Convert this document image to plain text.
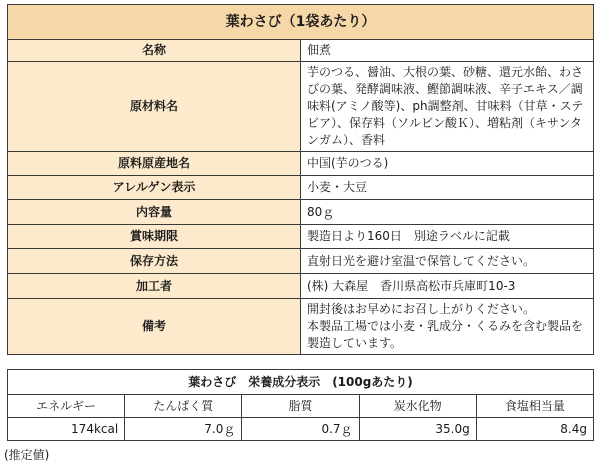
葉わさび（1袋あたり）	
名称	佃煮
原材料名	芋のつる、醤油、大根の葉、砂糖、還元水飴、わさびの葉、発酵調味液、鰹節調味液、辛子エキス／調味料(アミノ酸等)、ph調整剤、甘味料（甘草・ステビア）、保存料（ソルビン酸Ｋ）、増粘剤（キサンタンガム）、香料
原料原産地名	中国(芋のつる)
アレルゲン表示	小麦・大豆
内容量	80ｇ
賞味期限	製造日より160日　別途ラベルに記載
保存方法	直射日光を避け室温で保管してください。
加工者	(株) 大森屋　香川県高松市兵庫町10-3
備考	開封後はお早めにお召し上がりください。
本製品工場では小麦・乳成分・くるみを含む製品を製造しています。
葉わさび　栄養成分表示　(100gあたり)				
エネルギー	たんぱく質	脂質	炭水化物	食塩相当量
174kcal	7.0ｇ	0.7ｇ	35.0g	8.4g
(推定値)
